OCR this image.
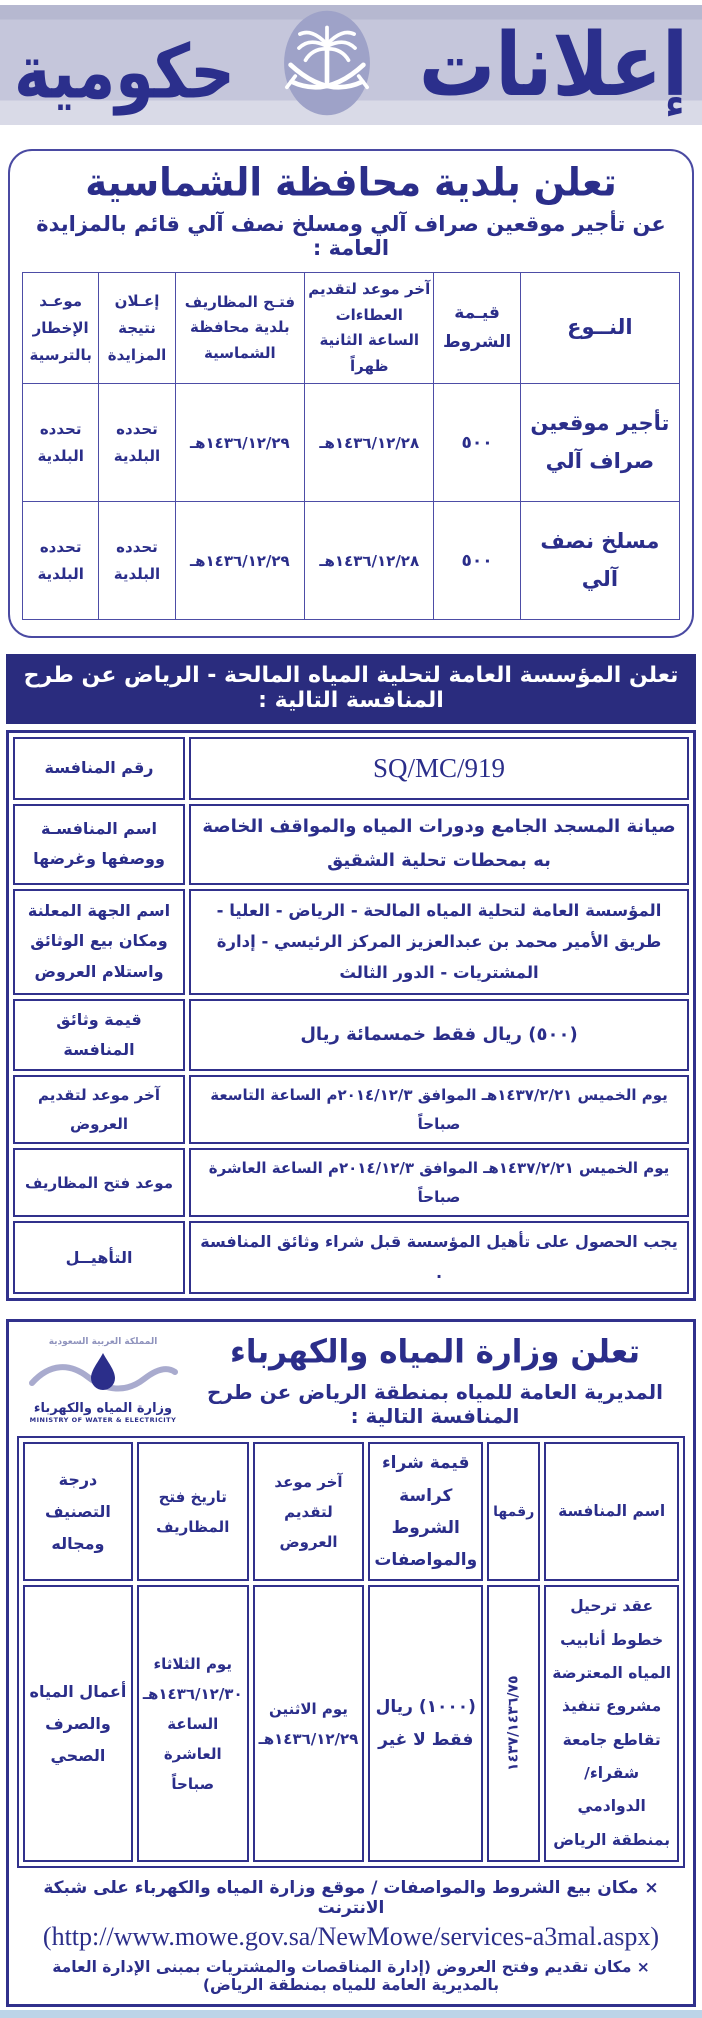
إعلانات
حكومية
تعلن بلدية محافظة الشماسية
عن تأجير موقعين صراف آلي ومسلخ نصف آلي قائم بالمزايدة العامة :
النــوع	قيـمة الشروط	آخر موعد لتقديم العطاءات الساعة الثانية ظهراً	فتـح المظاريف بلدية محافظة الشماسية	إعـلان نتيجة المزايدة	موعـد الإخطار بالترسية
تأجير موقعين صراف آلي	٥٠٠	١٤٣٦/١٢/٢٨هـ	١٤٣٦/١٢/٢٩هـ	تحدده البلدية	تحدده البلدية
مسلخ نصف آلي	٥٠٠	١٤٣٦/١٢/٢٨هـ	١٤٣٦/١٢/٢٩هـ	تحدده البلدية	تحدده البلدية
تعلن المؤسسة العامة لتحلية المياه المالحة - الرياض عن طرح المنافسة التالية :
SQ/MC/919	رقم المنافسة
صيانة المسجد الجامع ودورات المياه والمواقف الخاصة به بمحطات تحلية الشقيق	اسم المنافسـة ووصفها وغرضها
المؤسسة العامة لتحلية المياه المالحة - الرياض - العليا - طريق الأمير محمد بن عبدالعزيز المركز الرئيسي - إدارة المشتريات - الدور الثالث	اسم الجهة المعلنة ومكان بيع الوثائق واستلام العروض
(٥٠٠) ريال فقط خمسمائة ريال	قيمة وثائق المنافسة
يوم الخميس ١٤٣٧/٢/٢١هـ الموافق ٢٠١٤/١٢/٣م الساعة التاسعة صباحاً	آخر موعد لتقديم العروض
يوم الخميس ١٤٣٧/٢/٢١هـ الموافق ٢٠١٤/١٢/٣م الساعة العاشرة صباحاً	موعد فتح المظاريف
يجب الحصول على تأهيل المؤسسة قبل شراء وثائق المنافسة .	التأهيــل
تعلن وزارة المياه والكهرباء
المديرية العامة للمياه بمنطقة الرياض عن طرح المنافسة التالية :
المملكة العربية السعودية
وزارة المياه والكهرباء
MINISTRY OF WATER & ELECTRICITY
اسم المنافسة	رقمها	قيمة شراء كراسة الشروط والمواصفات	آخر موعد لتقديم العروض	تاريخ فتح المظاريف	درجة التصنيف ومجاله
عقد ترحيل خطوط أنابيب المياه المعترضة مشروع تنفيذ تقاطع جامعة شقراء/ الدوادمي بمنطقة الرياض	١٤٣٧/١٤٣٦/٧٥	(١٠٠٠) ريال فقط لا غير	يوم الاثنين ١٤٣٦/١٢/٢٩هـ	يوم الثلاثاء ١٤٣٦/١٢/٣٠هـ الساعة العاشرة صباحاً	أعمال المياه والصرف الصحي
× مكان بيع الشروط والمواصفات / موقع وزارة المياه والكهرباء على شبكة الانترنت
(http://www.mowe.gov.sa/NewMowe/services-a3mal.aspx)
× مكان تقديم وفتح العروض (إدارة المناقصات والمشتريات بمبنى الإدارة العامة بالمديرية العامة للمياه بمنطقة الرياض)
